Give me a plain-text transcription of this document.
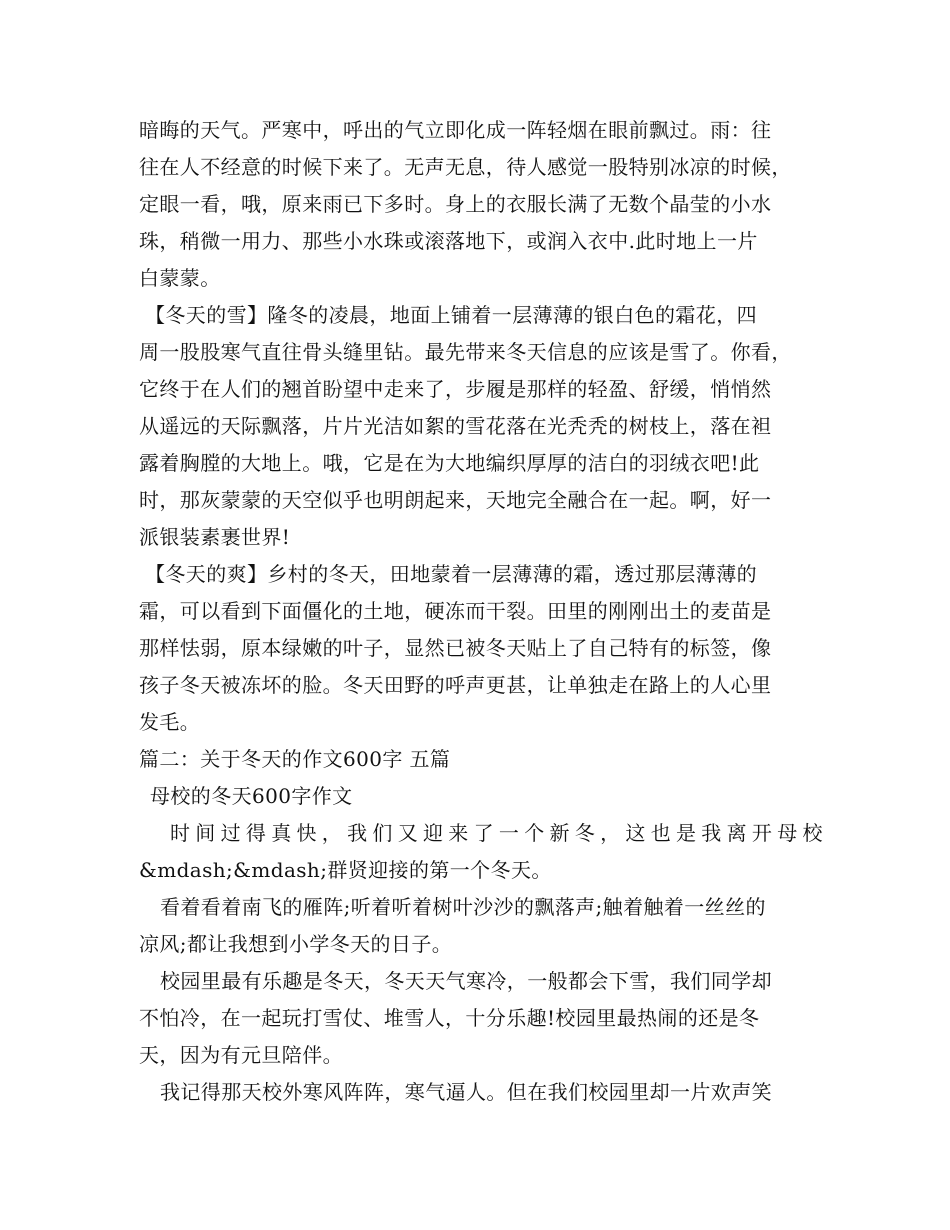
暗晦的天气。严寒中，呼出的气立即化成一阵轻烟在眼前飘过。雨：往
往在人不经意的时候下来了。无声无息，待人感觉一股特别冰凉的时候，
定眼一看，哦，原来雨已下多时。身上的衣服长满了无数个晶莹的小水
珠，稍微一用力、那些小水珠或滚落地下，或润入衣中.此时地上一片
白蒙蒙。
【冬天的雪】隆冬的凌晨，地面上铺着一层薄薄的银白色的霜花，四
周一股股寒气直往骨头缝里钻。最先带来冬天信息的应该是雪了。你看，
它终于在人们的翘首盼望中走来了，步履是那样的轻盈、舒缓，悄悄然
从遥远的天际飘落，片片光洁如絮的雪花落在光秃秃的树枝上，落在袒
露着胸膛的大地上。哦，它是在为大地编织厚厚的洁白的羽绒衣吧!此
时，那灰蒙蒙的天空似乎也明朗起来，天地完全融合在一起。啊，好一
派银装素裹世界!
【冬天的爽】乡村的冬天，田地蒙着一层薄薄的霜，透过那层薄薄的
霜，可以看到下面僵化的土地，硬冻而干裂。田里的刚刚出土的麦苗是
那样怯弱，原本绿嫩的叶子，显然已被冬天贴上了自己特有的标签，像
孩子冬天被冻坏的脸。冬天田野的呼声更甚，让单独走在路上的人心里
发毛。
篇二：关于冬天的作文600字 五篇
母校的冬天600字作文
时间过得真快，我们又迎来了一个新冬，这也是我离开母校
&mdash;&mdash;群贤迎接的第一个冬天。
看着看着南飞的雁阵;听着听着树叶沙沙的飘落声;触着触着一丝丝的
凉风;都让我想到小学冬天的日子。
校园里最有乐趣是冬天，冬天天气寒冷，一般都会下雪，我们同学却
不怕冷，在一起玩打雪仗、堆雪人，十分乐趣!校园里最热闹的还是冬
天，因为有元旦陪伴。
我记得那天校外寒风阵阵，寒气逼人。但在我们校园里却一片欢声笑
